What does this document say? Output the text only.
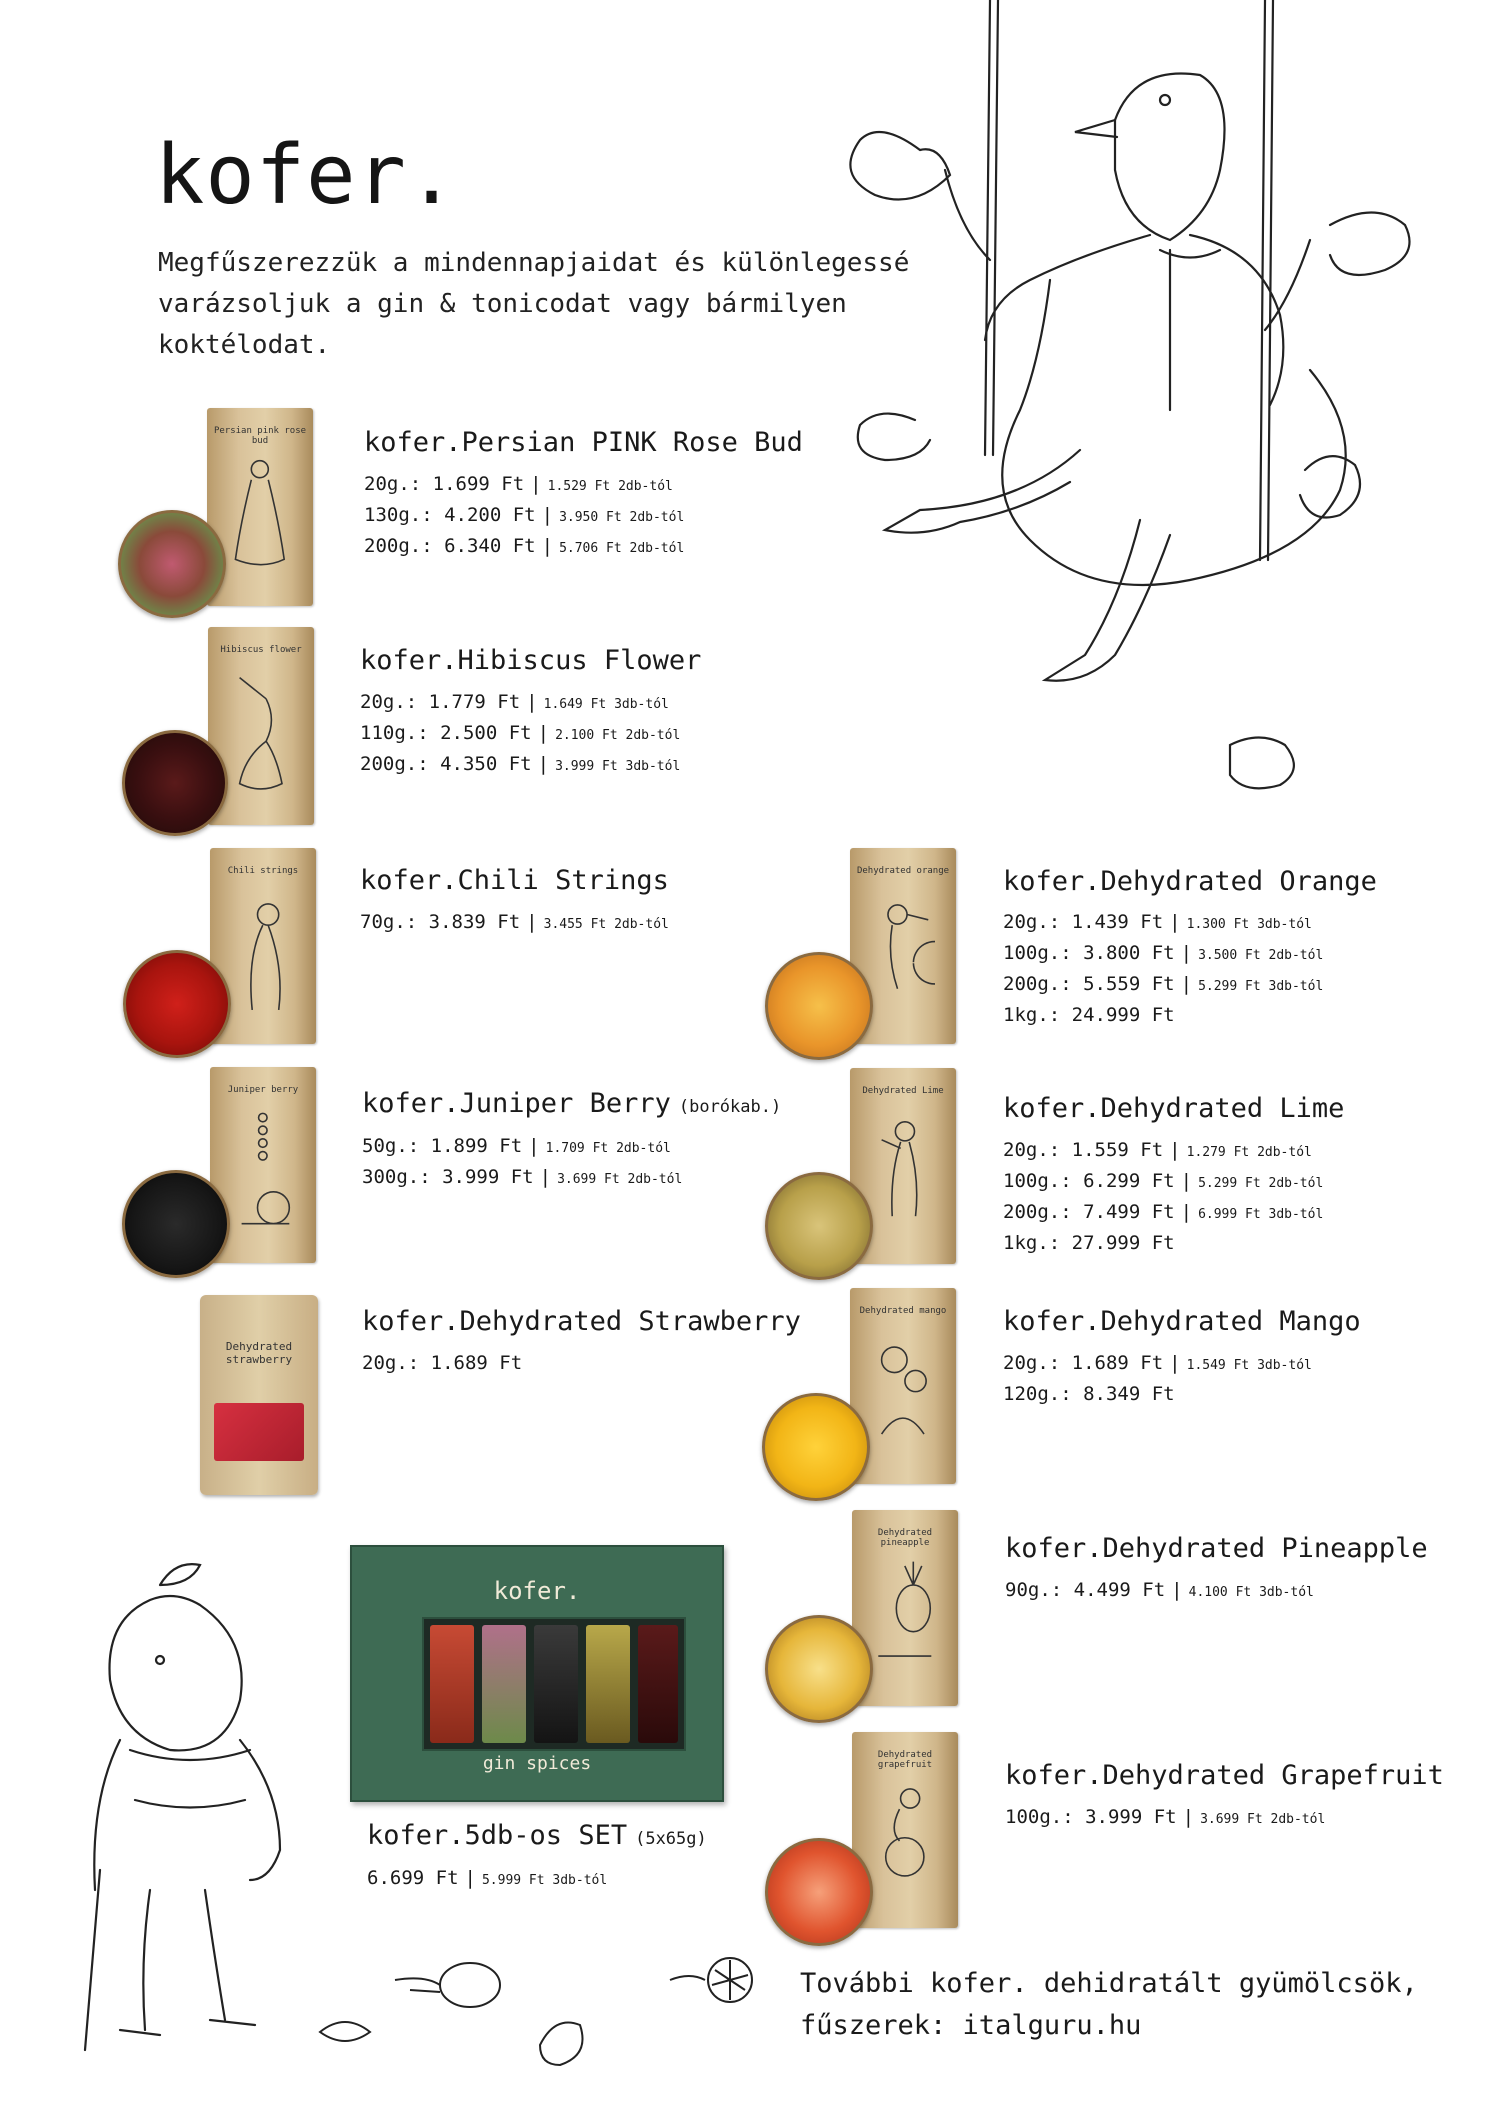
kofer.
Megfűszerezzük a mindennapjaidat és különlegessé varázsoljuk a gin & tonicodat vagy bármilyen koktélodat.
Persian pink rose bud	kofer.Persian PINK Rose Bud
20g.: 1.699 Ft | 1.529 Ft 2db-tól
130g.: 4.200 Ft | 3.950 Ft 2db-tól
200g.: 6.340 Ft | 5.706 Ft 2db-tól
Hibiscus flower	kofer.Hibiscus Flower
20g.: 1.779 Ft | 1.649 Ft 3db-tól
110g.: 2.500 Ft | 2.100 Ft 2db-tól
200g.: 4.350 Ft | 3.999 Ft 3db-tól
Chili strings	kofer.Chili Strings
70g.: 3.839 Ft | 3.455 Ft 2db-tól
Juniper berry	kofer.Juniper Berry (borókab.)
50g.: 1.899 Ft | 1.709 Ft 2db-tól
300g.: 3.999 Ft | 3.699 Ft 2db-tól
Dehydrated strawberry
kofer.Dehydrated Strawberry
20g.: 1.689 Ft
Dehydrated orange kofer.Dehydrated Orange
20g.: 1.439 Ft | 1.300 Ft 3db-tól
100g.: 3.800 Ft | 3.500 Ft 2db-tól
200g.: 5.559 Ft | 5.299 Ft 3db-tól
1kg.: 24.999 Ft
Dehydrated Lime
kofer.Dehydrated Lime
20g.: 1.559 Ft | 1.279 Ft 2db-tól
100g.: 6.299 Ft | 5.299 Ft 2db-tól
200g.: 7.499 Ft | 6.999 Ft 3db-tól
1kg.: 27.999 Ft
Dehydrated mango	kofer.Dehydrated Mango
20g.: 1.689 Ft | 1.549 Ft 3db-tól
120g.: 8.349 Ft
Dehydrated pineapple	kofer.Dehydrated Pineapple
90g.: 4.499 Ft | 4.100 Ft 3db-tól
Dehydrated grapefruit	kofer.Dehydrated Grapefruit
100g.: 3.999 Ft | 3.699 Ft 2db-tól
kofer.
gin spices
kofer.5db-os SET (5x65g)
6.699 Ft | 5.999 Ft 3db-tól
További kofer. dehidratált gyümölcsök,
fűszerek: italguru.hu
